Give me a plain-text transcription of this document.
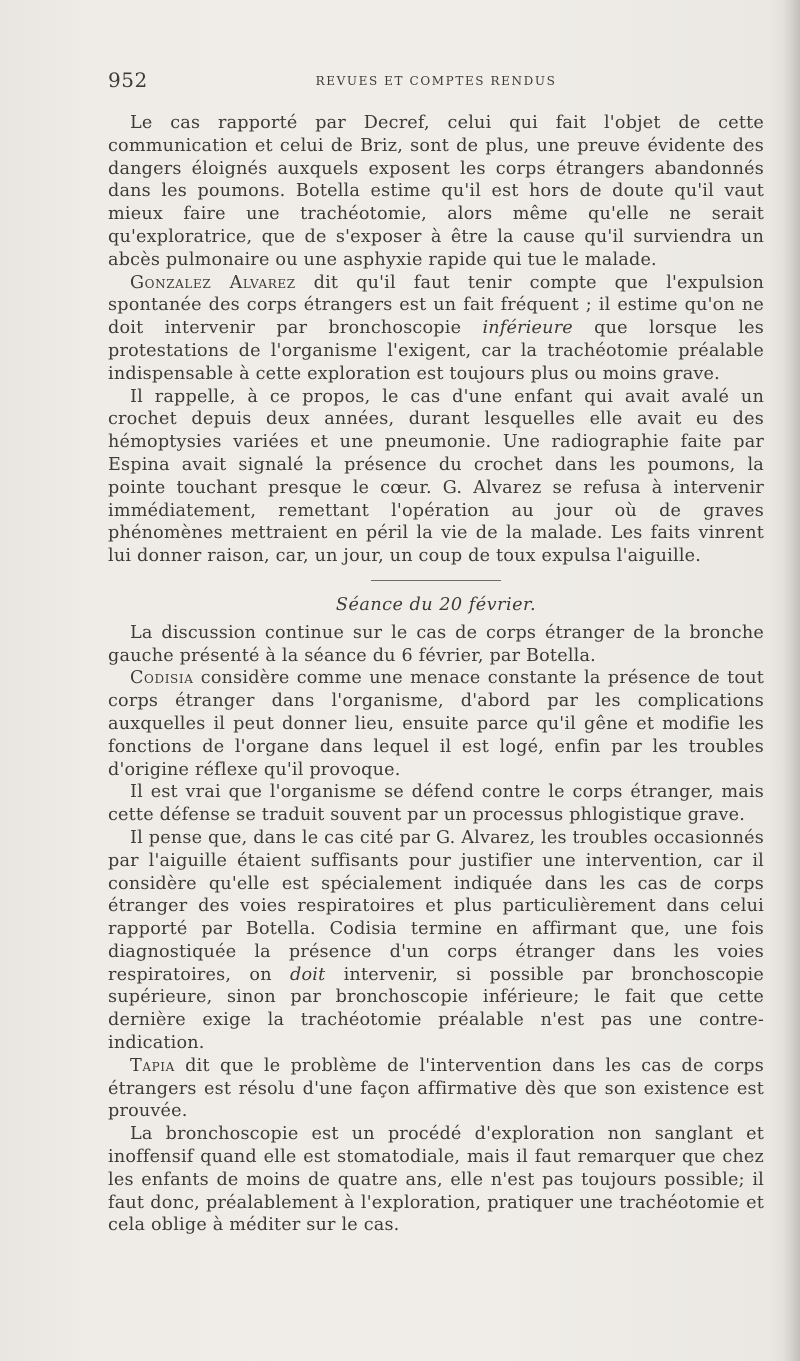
952	REVUES ET COMPTES RENDUS

Le cas rapporté par Decref, celui qui fait l'objet de cette communication et celui de Briz, sont de plus, une preuve évidente des dangers éloignés auxquels exposent les corps étrangers abandonnés dans les poumons. Botella estime qu'il est hors de doute qu'il vaut mieux faire une trachéotomie, alors même qu'elle ne serait qu'exploratrice, que de s'exposer à être la cause qu'il surviendra un abcès pulmonaire ou une asphyxie rapide qui tue le malade.

Gonzalez Alvarez dit qu'il faut tenir compte que l'expulsion spontanée des corps étrangers est un fait fréquent ; il estime qu'on ne doit intervenir par bronchoscopie inférieure que lorsque les protestations de l'organisme l'exigent, car la trachéotomie préalable indispensable à cette exploration est toujours plus ou moins grave.

Il rappelle, à ce propos, le cas d'une enfant qui avait avalé un crochet depuis deux années, durant lesquelles elle avait eu des hémoptysies variées et une pneumonie. Une radiographie faite par Espina avait signalé la présence du crochet dans les poumons, la pointe touchant presque le cœur. G. Alvarez se refusa à intervenir immédiatement, remettant l'opération au jour où de graves phénomènes mettraient en péril la vie de la malade. Les faits vinrent lui donner raison, car, un jour, un coup de toux expulsa l'aiguille.

Séance du 20 février.

La discussion continue sur le cas de corps étranger de la bronche gauche présenté à la séance du 6 février, par Botella.

Codisia considère comme une menace constante la présence de tout corps étranger dans l'organisme, d'abord par les complications auxquelles il peut donner lieu, ensuite parce qu'il gêne et modifie les fonctions de l'organe dans lequel il est logé, enfin par les troubles d'origine réflexe qu'il provoque.

Il est vrai que l'organisme se défend contre le corps étranger, mais cette défense se traduit souvent par un processus phlogistique grave.

Il pense que, dans le cas cité par G. Alvarez, les troubles occasionnés par l'aiguille étaient suffisants pour justifier une intervention, car il considère qu'elle est spécialement indiquée dans les cas de corps étranger des voies respiratoires et plus particulièrement dans celui rapporté par Botella. Codisia termine en affirmant que, une fois diagnostiquée la présence d'un corps étranger dans les voies respiratoires, on doit intervenir, si possible par bronchoscopie supérieure, sinon par bronchoscopie inférieure; le fait que cette dernière exige la trachéotomie préalable n'est pas une contre-indication.

Tapia dit que le problème de l'intervention dans les cas de corps étrangers est résolu d'une façon affirmative dès que son existence est prouvée.

La bronchoscopie est un procédé d'exploration non sanglant et inoffensif quand elle est stomatodiale, mais il faut remarquer que chez les enfants de moins de quatre ans, elle n'est pas toujours possible; il faut donc, préalablement à l'exploration, pratiquer une trachéotomie et cela oblige à méditer sur le cas.
